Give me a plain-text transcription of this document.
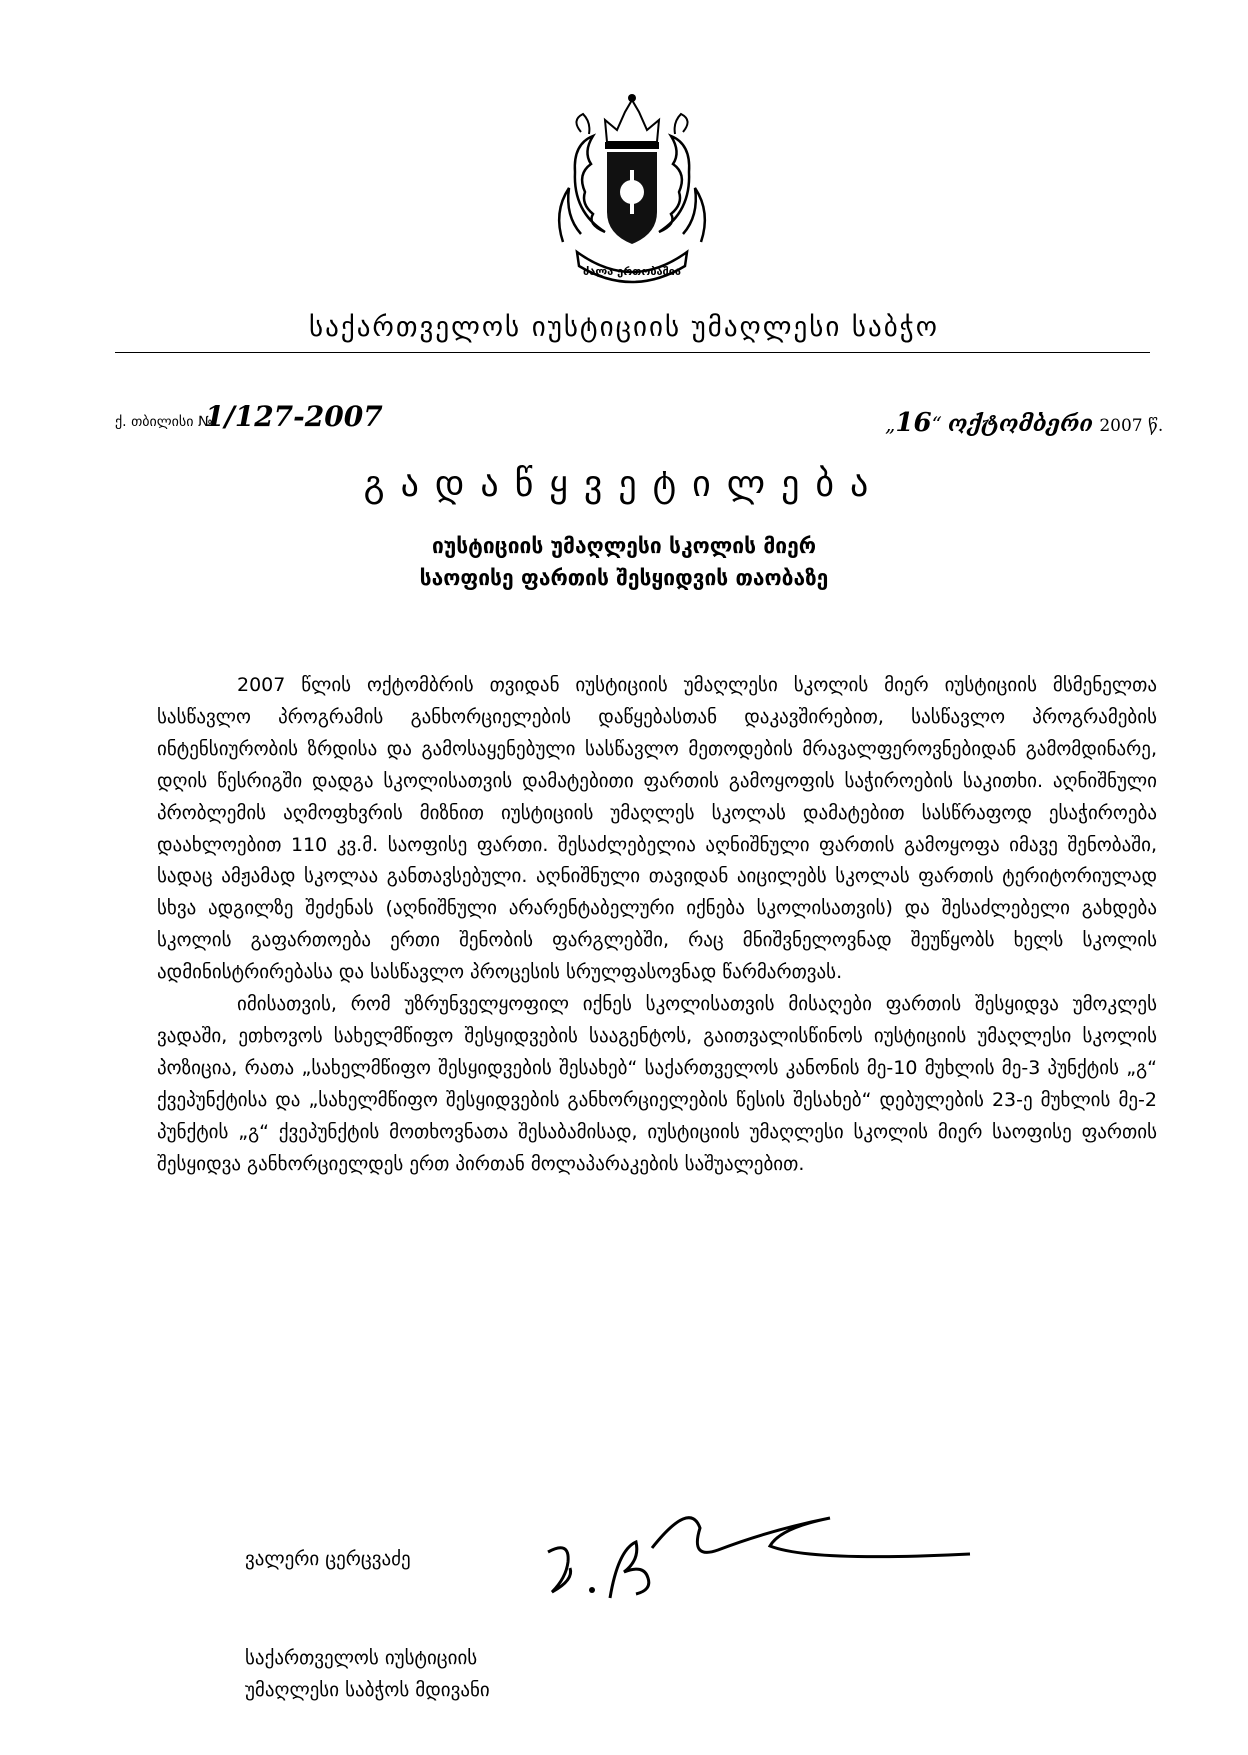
ძალა ერთობაშია
საქართველოს იუსტიციის უმაღლესი საბჭო
ქ. თბილისი №
1/127-2007	„16“ ოქტომბერი 2007 წ.
გადაწყვეტილება
იუსტიციის უმაღლესი სკოლის მიერ
საოფისე ფართის შესყიდვის თაობაზე

2007 წლის ოქტომბრის თვიდან იუსტიციის უმაღლესი სკოლის მიერ იუსტიციის მსმენელთა სასწავლო პროგრამის განხორციელების დაწყებასთან დაკავშირებით, სასწავლო პროგრამების ინტენსიურობის ზრდისა და გამოსაყენებული სასწავლო მეთოდების მრავალფეროვნებიდან გამომდინარე, დღის წესრიგში დადგა სკოლისათვის დამატებითი ფართის გამოყოფის საჭიროების საკითხი. აღნიშნული პრობლემის აღმოფხვრის მიზნით იუსტიციის უმაღლეს სკოლას დამატებით სასწრაფოდ ესაჭიროება დაახლოებით 110 კვ.მ. საოფისე ფართი. შესაძლებელია აღნიშნული ფართის გამოყოფა იმავე შენობაში, სადაც ამჟამად სკოლაა განთავსებული. აღნიშნული თავიდან აიცილებს სკოლას ფართის ტერიტორიულად სხვა ადგილზე შეძენას (აღნიშნული არარენტაბელური იქნება სკოლისათვის) და შესაძლებელი გახდება სკოლის გაფართოება ერთი შენობის ფარგლებში, რაც მნიშვნელოვნად შეუწყობს ხელს სკოლის ადმინისტრირებასა და სასწავლო პროცესის სრულფასოვნად წარმართვას.

იმისათვის, რომ უზრუნველყოფილ იქნეს სკოლისათვის მისაღები ფართის შესყიდვა უმოკლეს ვადაში, ეთხოვოს სახელმწიფო შესყიდვების სააგენტოს, გაითვალისწინოს იუსტიციის უმაღლესი სკოლის პოზიცია, რათა „სახელმწიფო შესყიდვების შესახებ“ საქართველოს კანონის მე-10 მუხლის მე-3 პუნქტის „გ“ ქვეპუნქტისა და „სახელმწიფო შესყიდვების განხორციელების წესის შესახებ“ დებულების 23-ე მუხლის მე-2 პუნქტის „გ“ ქვეპუნქტის მოთხოვნათა შესაბამისად, იუსტიციის უმაღლესი სკოლის მიერ საოფისე ფართის შესყიდვა განხორციელდეს ერთ პირთან მოლაპარაკების საშუალებით.

ვალერი ცერცვაძე
საქართველოს იუსტიციის
უმაღლესი საბჭოს მდივანი
